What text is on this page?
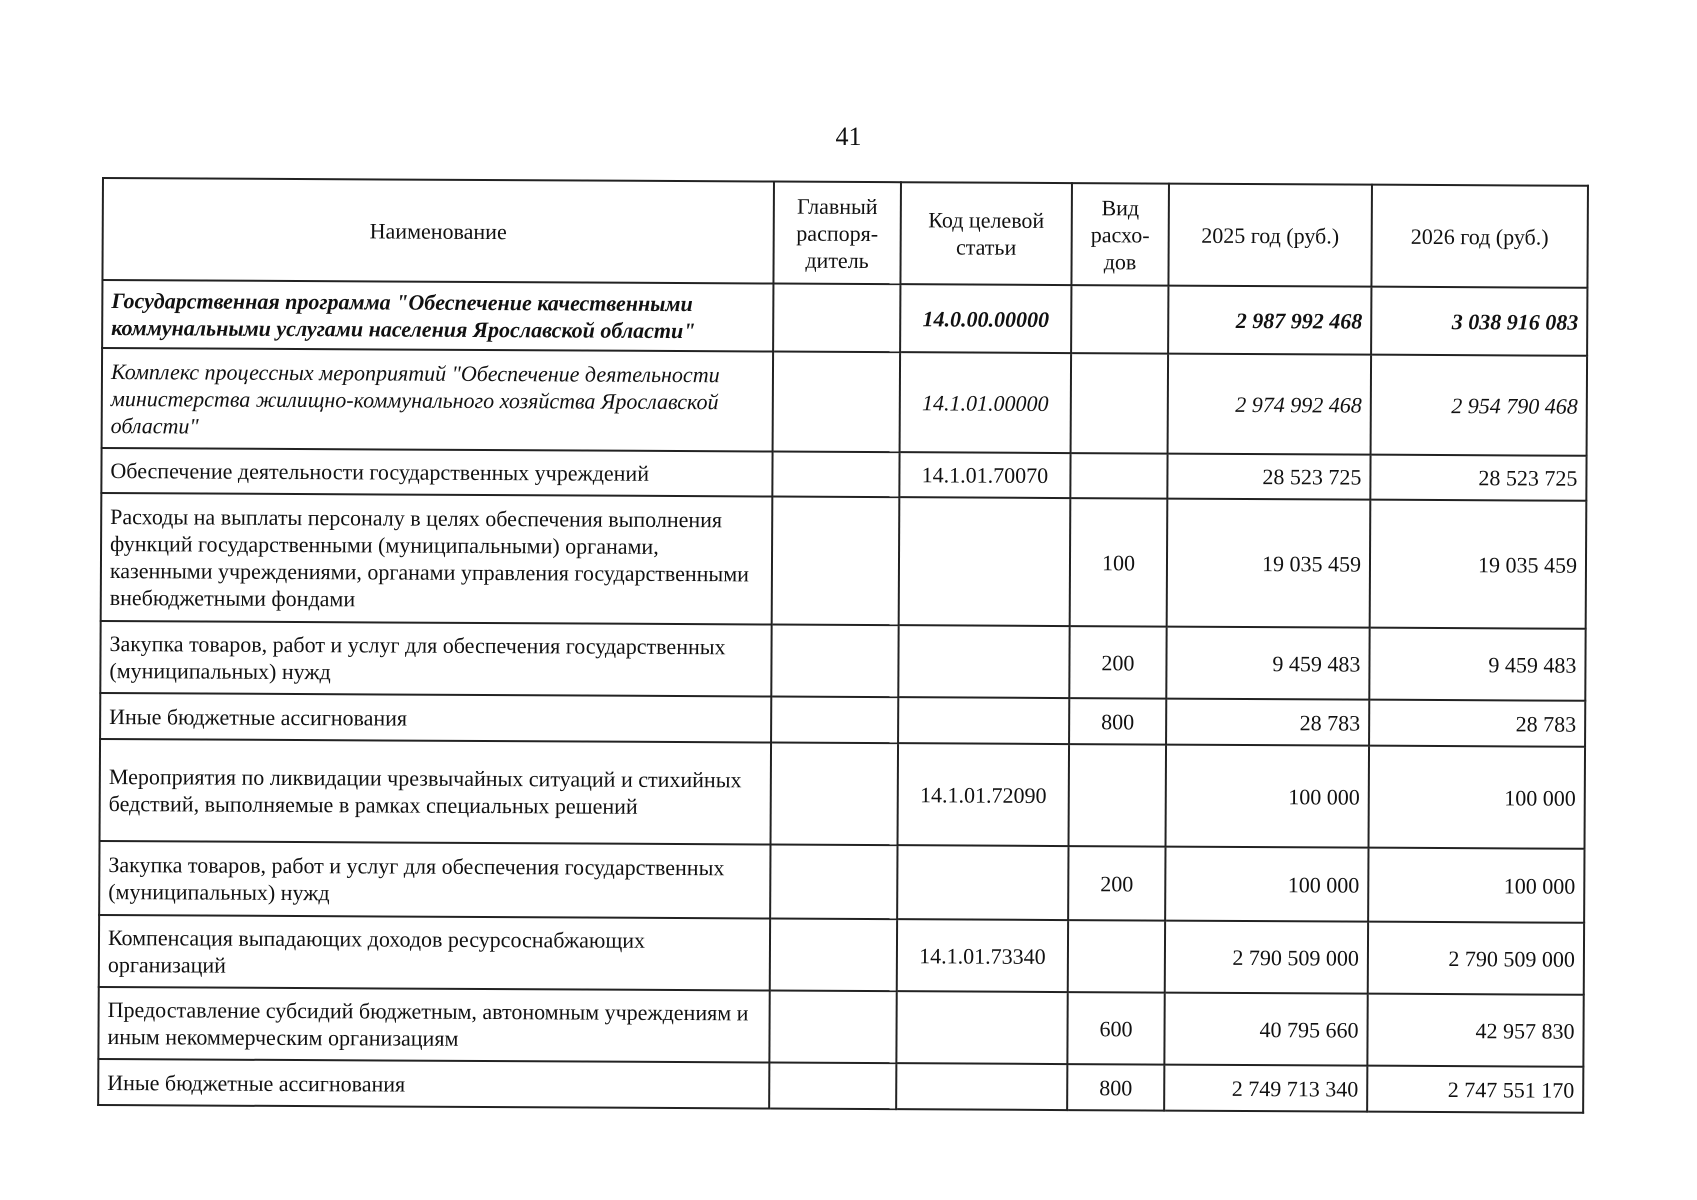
41
Наименование	Главный распоря- дитель	Код целевой статьи	Вид расхо- дов	2025 год (руб.)	2026 год (руб.)
Государственная программа "Обеспечение качественными коммунальными услугами населения Ярославской области"		14.0.00.00000		2 987 992 468	3 038 916 083
Комплекс процессных мероприятий "Обеспечение деятельности министерства жилищно-коммунального хозяйства Ярославской области"		14.1.01.00000		2 974 992 468	2 954 790 468
Обеспечение деятельности государственных учреждений		14.1.01.70070		28 523 725	28 523 725
Расходы на выплаты персоналу в целях обеспечения выполнения функций государственными (муниципальными) органами, казенными учреждениями, органами управления государственными внебюджетными фондами			100	19 035 459	19 035 459
Закупка товаров, работ и услуг для обеспечения государственных (муниципальных) нужд			200	9 459 483	9 459 483
Иные бюджетные ассигнования			800	28 783	28 783
Мероприятия по ликвидации чрезвычайных ситуаций и стихийных бедствий, выполняемые в рамках специальных решений		14.1.01.72090		100 000	100 000
Закупка товаров, работ и услуг для обеспечения государственных (муниципальных) нужд			200	100 000	100 000
Компенсация выпадающих доходов ресурсоснабжающих организаций		14.1.01.73340		2 790 509 000	2 790 509 000
Предоставление субсидий бюджетным, автономным учреждениям и иным некоммерческим организациям			600	40 795 660	42 957 830
Иные бюджетные ассигнования			800	2 749 713 340	2 747 551 170
